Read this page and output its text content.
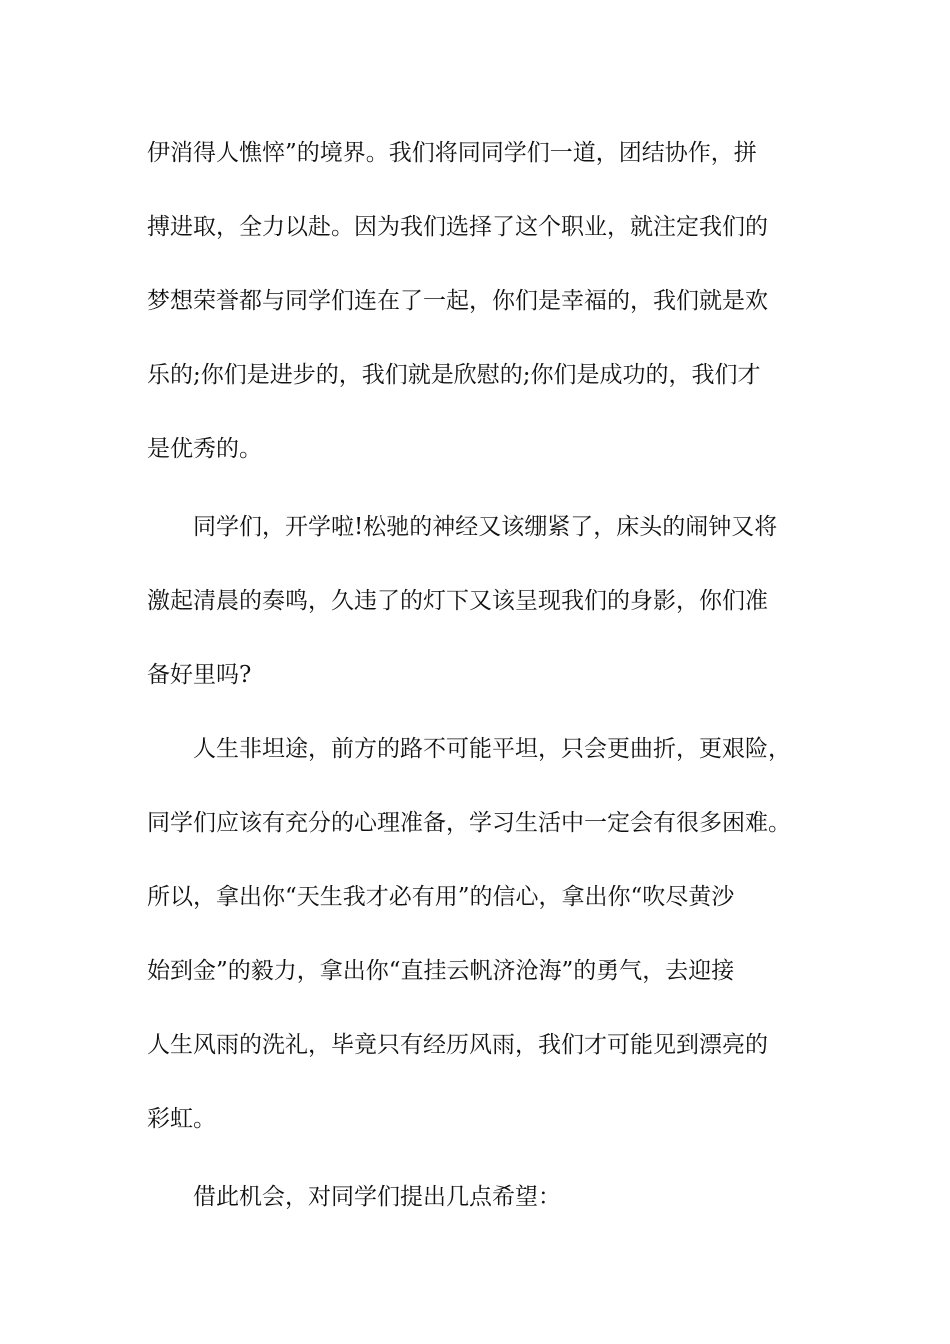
伊消得人憔悴”的境界。我们将同同学们一道，团结协作，拼
搏进取，全力以赴。因为我们选择了这个职业，就注定我们的
梦想荣誉都与同学们连在了一起，你们是幸福的，我们就是欢
乐的;你们是进步的，我们就是欣慰的;你们是成功的，我们才
是优秀的。
同学们，开学啦!松驰的神经又该绷紧了，床头的闹钟又将
激起清晨的奏鸣，久违了的灯下又该呈现我们的身影，你们准
备好里吗?
人生非坦途，前方的路不可能平坦，只会更曲折，更艰险，
同学们应该有充分的心理准备，学习生活中一定会有很多困难。
所以，拿出你“天生我才必有用”的信心，拿出你“吹尽黄沙
始到金”的毅力，拿出你“直挂云帆济沧海”的勇气，去迎接
人生风雨的洗礼，毕竟只有经历风雨，我们才可能见到漂亮的
彩虹。
借此机会，对同学们提出几点希望：
